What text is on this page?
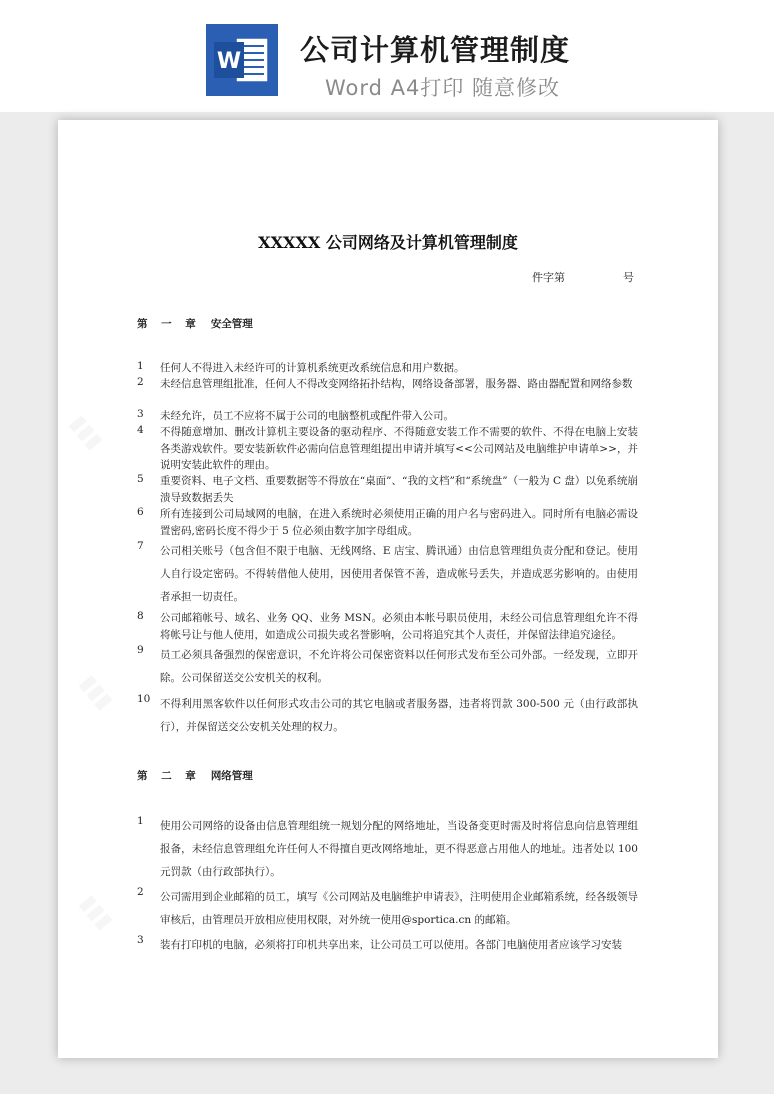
W 公司计算机管理制度
Word A4打印 随意修改
XXXXX 公司网络及计算机管理制度
件字第	号
第 一 章 安全管理
1	任何人不得进入未经许可的计算机系统更改系统信息和用户数据。
2	未经信息管理组批准，任何人不得改变网络拓扑结构，网络设备部署，服务器、路由器配置和网络参数
3	未经允许，员工不应将不属于公司的电脑整机或配件带入公司。
4	不得随意增加、删改计算机主要设备的驱动程序、不得随意安装工作不需要的软件、不得在电脑上安装各类游戏软件。要安装新软件必需向信息管理组提出申请并填写<<公司网站及电脑维护申请单>>，并说明安装此软件的理由。
5	重要资料、电子文档、重要数据等不得放在“桌面”、“我的文档”和“系统盘”（一般为 C 盘）以免系统崩溃导致数据丢失
6	所有连接到公司局域网的电脑，在进入系统时必须使用正确的用户名与密码进入。同时所有电脑必需设置密码,密码长度不得少于 5 位必须由数字加字母组成。
7	公司相关账号（包含但不限于电脑、无线网络、E 店宝、腾讯通）由信息管理组负责分配和登记。使用人自行设定密码。不得转借他人使用，因使用者保管不善，造成帐号丢失，并造成恶劣影响的。由使用者承担一切责任。
8	公司邮箱帐号、域名、业务 QQ、业务 MSN。必须由本帐号职员使用，未经公司信息管理组允许不得将帐号让与他人使用，如造成公司损失或名誉影响，公司将追究其个人责任，并保留法律追究途径。
9	员工必须具备强烈的保密意识，不允许将公司保密资料以任何形式发布至公司外部。一经发现，立即开除。公司保留送交公安机关的权利。
10 不得利用黑客软件以任何形式攻击公司的其它电脑或者服务器，违者将罚款 300-500 元（由行政部执行），并保留送交公安机关处理的权力。
第 二 章 网络管理
1	使用公司网络的设备由信息管理组统一规划分配的网络地址，当设备变更时需及时将信息向信息管理组报备，未经信息管理组允许任何人不得擅自更改网络地址，更不得恶意占用他人的地址。违者处以 100 元罚款（由行政部执行）。
2	公司需用到企业邮箱的员工，填写《公司网站及电脑维护申请表》，注明使用企业邮箱系统，经各级领导审核后，由管理员开放相应使用权限，对外统一使用@sportica.cn 的邮箱。
3	装有打印机的电脑，必须将打印机共享出来，让公司员工可以使用。各部门电脑使用者应该学习安装
